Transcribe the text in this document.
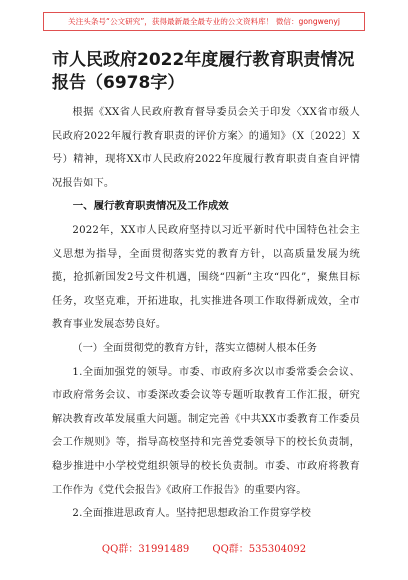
关注头条号“公文研究”，获得最新最全最专业的公文资料库！ 微信：gongwenyj
市人民政府2022年度履行教育职责情况报告（6978字）

根据《XX省人民政府教育督导委员会关于印发〈XX省市级人民政府2022年履行教育职责的评价方案〉的通知》（X〔2022〕X号）精神，现将XX市人民政府2022年度履行教育职责自查自评情况报告如下。

一、履行教育职责情况及工作成效

2022年，XX市人民政府坚持以习近平新时代中国特色社会主义思想为指导，全面贯彻落实党的教育方针，以高质量发展为统揽，抢抓新国发2号文件机遇，围绕“四新”主攻“四化”，聚焦目标任务，攻坚克难，开拓进取，扎实推进各项工作取得新成效，全市教育事业发展态势良好。

（一）全面贯彻党的教育方针，落实立德树人根本任务

1.全面加强党的领导。市委、市政府多次以市委常委会会议、市政府常务会议、市委深改委会议等专题听取教育工作汇报，研究解决教育改革发展重大问题。制定完善《中共XX市委教育工作委员会工作规则》等，指导高校坚持和完善党委领导下的校长负责制，稳步推进中小学校党组织领导的校长负责制。市委、市政府将教育工作作为《党代会报告》《政府工作报告》的重要内容。

2.全面推进思政育人。坚持把思想政治工作贯穿学校

QQ群：31991489 QQ群：535304092
